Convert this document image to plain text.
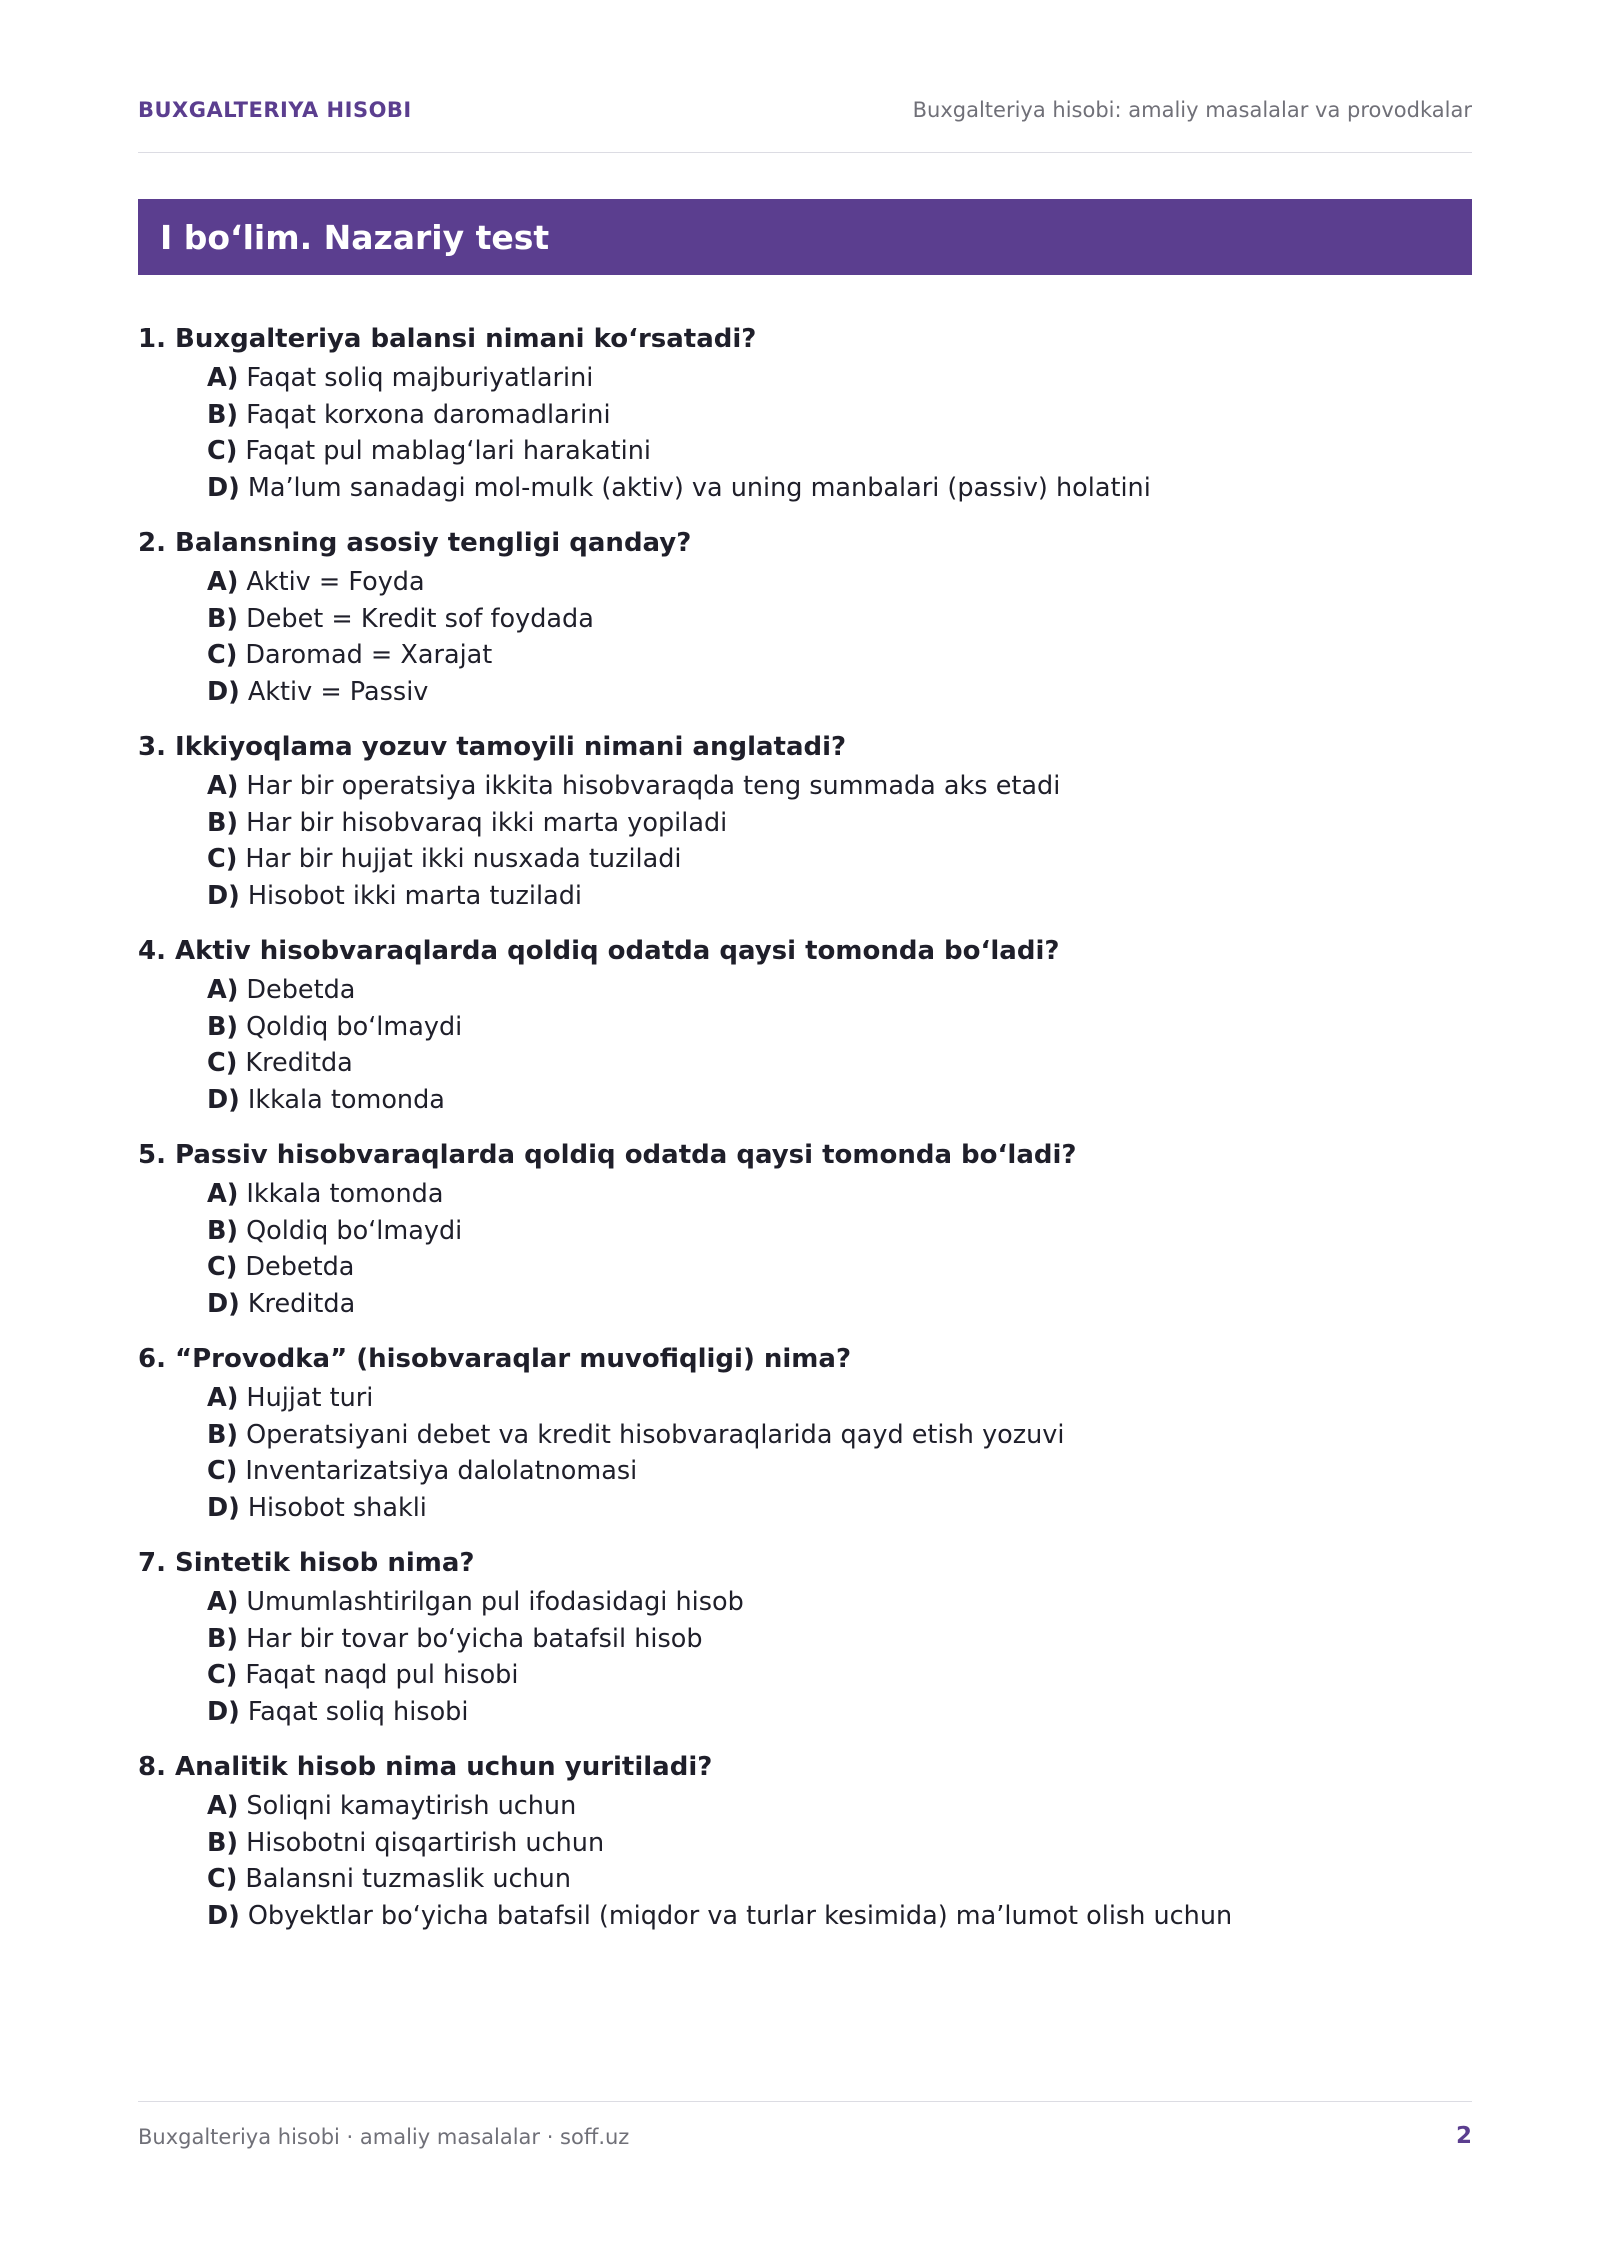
BUXGALTERIYA HISOBI	Buxgalteriya hisobi: amaliy masalalar va provodkalar
I bo‘lim. Nazariy test
1. Buxgalteriya balansi nimani ko‘rsatadi?
A) Faqat soliq majburiyatlarini
B) Faqat korxona daromadlarini
C) Faqat pul mablag‘lari harakatini
D) Ma’lum sanadagi mol-mulk (aktiv) va uning manbalari (passiv) holatini
2. Balansning asosiy tengligi qanday?
A) Aktiv = Foyda
B) Debet = Kredit sof foydada
C) Daromad = Xarajat
D) Aktiv = Passiv
3. Ikkiyoqlama yozuv tamoyili nimani anglatadi?
A) Har bir operatsiya ikkita hisobvaraqda teng summada aks etadi
B) Har bir hisobvaraq ikki marta yopiladi
C) Har bir hujjat ikki nusxada tuziladi
D) Hisobot ikki marta tuziladi
4. Aktiv hisobvaraqlarda qoldiq odatda qaysi tomonda bo‘ladi?
A) Debetda
B) Qoldiq bo‘lmaydi
C) Kreditda
D) Ikkala tomonda
5. Passiv hisobvaraqlarda qoldiq odatda qaysi tomonda bo‘ladi?
A) Ikkala tomonda
B) Qoldiq bo‘lmaydi
C) Debetda
D) Kreditda
6. “Provodka” (hisobvaraqlar muvofiqligi) nima?
A) Hujjat turi
B) Operatsiyani debet va kredit hisobvaraqlarida qayd etish yozuvi
C) Inventarizatsiya dalolatnomasi
D) Hisobot shakli
7. Sintetik hisob nima?
A) Umumlashtirilgan pul ifodasidagi hisob
B) Har bir tovar bo‘yicha batafsil hisob
C) Faqat naqd pul hisobi
D) Faqat soliq hisobi
8. Analitik hisob nima uchun yuritiladi?
A) Soliqni kamaytirish uchun
B) Hisobotni qisqartirish uchun
C) Balansni tuzmaslik uchun
D) Obyektlar bo‘yicha batafsil (miqdor va turlar kesimida) ma’lumot olish uchun
Buxgalteriya hisobi · amaliy masalalar · soff.uz	2
